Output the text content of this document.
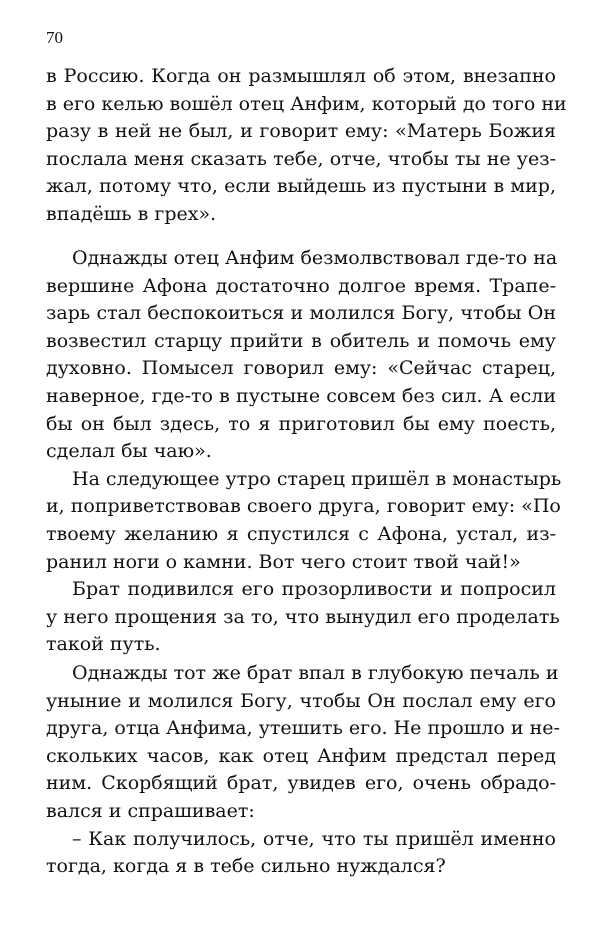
70
в Россию. Когда он размышлял об этом, внезапно
в его келью вошёл отец Анфим, который до того ни
разу в ней не был, и говорит ему: «Матерь Божия
послала меня сказать тебе, отче, чтобы ты не уез-
жал, потому что, если выйдешь из пустыни в мир,
впадёшь в грех».
Однажды отец Анфим безмолвствовал где-то на
вершине Афона достаточно долгое время. Трапе-
зарь стал беспокоиться и молился Богу, чтобы Он
возвестил старцу прийти в обитель и помочь ему
духовно. Помысел говорил ему: «Сейчас старец,
наверное, где-то в пустыне совсем без сил. А если
бы он был здесь, то я приготовил бы ему поесть,
сделал бы чаю».
На следующее утро старец пришёл в монастырь
и, поприветствовав своего друга, говорит ему: «По
твоему желанию я спустился с Афона, устал, из-
ранил ноги о камни. Вот чего стоит твой чай!»
Брат подивился его прозорливости и попросил
у него прощения за то, что вынудил его проделать
такой путь.
Однажды тот же брат впал в глубокую печаль и
уныние и молился Богу, чтобы Он послал ему его
друга, отца Анфима, утешить его. Не прошло и не-
скольких часов, как отец Анфим предстал перед
ним. Скорбящий брат, увидев его, очень обрадо-
вался и спрашивает:
– Как получилось, отче, что ты пришёл именно
тогда, когда я в тебе сильно нуждался?
